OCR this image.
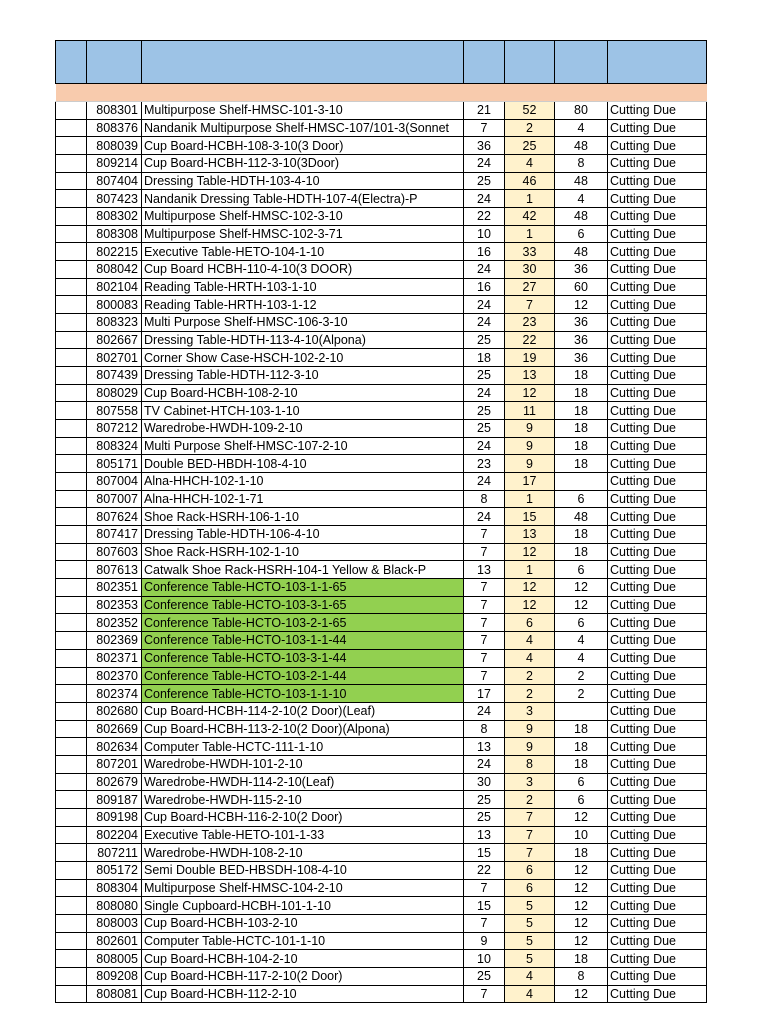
	808301	Multipurpose Shelf-HMSC-101-3-10	21	52	80	Cutting Due
	808376	Nandanik Multipurpose Shelf-HMSC-107/101-3(Sonnet	7	2	4	Cutting Due
	808039	Cup Board-HCBH-108-3-10(3 Door)	36	25	48	Cutting Due
	809214	Cup Board-HCBH-112-3-10(3Door)	24	4	8	Cutting Due
	807404	Dressing Table-HDTH-103-4-10	25	46	48	Cutting Due
	807423	Nandanik Dressing Table-HDTH-107-4(Electra)-P	24	1	4	Cutting Due
	808302	Multipurpose Shelf-HMSC-102-3-10	22	42	48	Cutting Due
	808308	Multipurpose Shelf-HMSC-102-3-71	10	1	6	Cutting Due
	802215	Executive Table-HETO-104-1-10	16	33	48	Cutting Due
	808042	Cup Board HCBH-110-4-10(3 DOOR)	24	30	36	Cutting Due
	802104	Reading Table-HRTH-103-1-10	16	27	60	Cutting Due
	800083	Reading Table-HRTH-103-1-12	24	7	12	Cutting Due
	808323	Multi Purpose Shelf-HMSC-106-3-10	24	23	36	Cutting Due
	802667	Dressing Table-HDTH-113-4-10(Alpona)	25	22	36	Cutting Due
	802701	Corner Show Case-HSCH-102-2-10	18	19	36	Cutting Due
	807439	Dressing Table-HDTH-112-3-10	25	13	18	Cutting Due
	808029	Cup Board-HCBH-108-2-10	24	12	18	Cutting Due
	807558	TV Cabinet-HTCH-103-1-10	25	11	18	Cutting Due
	807212	Waredrobe-HWDH-109-2-10	25	9	18	Cutting Due
	808324	Multi Purpose Shelf-HMSC-107-2-10	24	9	18	Cutting Due
	805171	Double BED-HBDH-108-4-10	23	9	18	Cutting Due
	807004	Alna-HHCH-102-1-10	24	17		Cutting Due
	807007	Alna-HHCH-102-1-71	8	1	6	Cutting Due
	807624	Shoe Rack-HSRH-106-1-10	24	15	48	Cutting Due
	807417	Dressing Table-HDTH-106-4-10	7	13	18	Cutting Due
	807603	Shoe Rack-HSRH-102-1-10	7	12	18	Cutting Due
	807613	Catwalk Shoe Rack-HSRH-104-1 Yellow & Black-P	13	1	6	Cutting Due
	802351	Conference Table-HCTO-103-1-1-65	7	12	12	Cutting Due
	802353	Conference Table-HCTO-103-3-1-65	7	12	12	Cutting Due
	802352	Conference Table-HCTO-103-2-1-65	7	6	6	Cutting Due
	802369	Conference Table-HCTO-103-1-1-44	7	4	4	Cutting Due
	802371	Conference Table-HCTO-103-3-1-44	7	4	4	Cutting Due
	802370	Conference Table-HCTO-103-2-1-44	7	2	2	Cutting Due
	802374	Conference Table-HCTO-103-1-1-10	17	2	2	Cutting Due
	802680	Cup Board-HCBH-114-2-10(2 Door)(Leaf)	24	3		Cutting Due
	802669	Cup Board-HCBH-113-2-10(2 Door)(Alpona)	8	9	18	Cutting Due
	802634	Computer Table-HCTC-111-1-10	13	9	18	Cutting Due
	807201	Waredrobe-HWDH-101-2-10	24	8	18	Cutting Due
	802679	Waredrobe-HWDH-114-2-10(Leaf)	30	3	6	Cutting Due
	809187	Waredrobe-HWDH-115-2-10	25	2	6	Cutting Due
	809198	Cup Board-HCBH-116-2-10(2 Door)	25	7	12	Cutting Due
	802204	Executive Table-HETO-101-1-33	13	7	10	Cutting Due
	807211	Waredrobe-HWDH-108-2-10	15	7	18	Cutting Due
	805172	Semi Double BED-HBSDH-108-4-10	22	6	12	Cutting Due
	808304	Multipurpose Shelf-HMSC-104-2-10	7	6	12	Cutting Due
	808080	Single Cupboard-HCBH-101-1-10	15	5	12	Cutting Due
	808003	Cup Board-HCBH-103-2-10	7	5	12	Cutting Due
	802601	Computer Table-HCTC-101-1-10	9	5	12	Cutting Due
	808005	Cup Board-HCBH-104-2-10	10	5	18	Cutting Due
	809208	Cup Board-HCBH-117-2-10(2 Door)	25	4	8	Cutting Due
	808081	Cup Board-HCBH-112-2-10	7	4	12	Cutting Due
